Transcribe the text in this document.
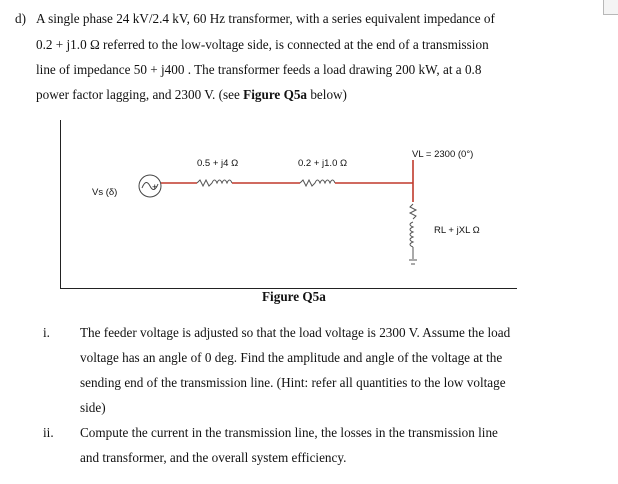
d) A single phase 24 kV/2.4 kV, 60 Hz transformer, with a series equivalent impedance of
0.2 + j1.0 Ω referred to the low-voltage side, is connected at the end of a transmission
line of impedance 50 + j400 . The transformer feeds a load drawing 200 kW, at a 0.8
power factor lagging, and 2300 V. (see Figure Q5a below)
+
Vs (δ)
0.5 + j4 Ω	0.2 + j1.0 Ω
VL = 2300 (0°)
RL + jXL Ω
Figure Q5a
i. The feeder voltage is adjusted so that the load voltage is 2300 V. Assume the load
voltage has an angle of 0 deg. Find the amplitude and angle of the voltage at the
sending end of the transmission line. (Hint: refer all quantities to the low voltage
side)
ii. Compute the current in the transmission line, the losses in the transmission line
and transformer, and the overall system efficiency.
